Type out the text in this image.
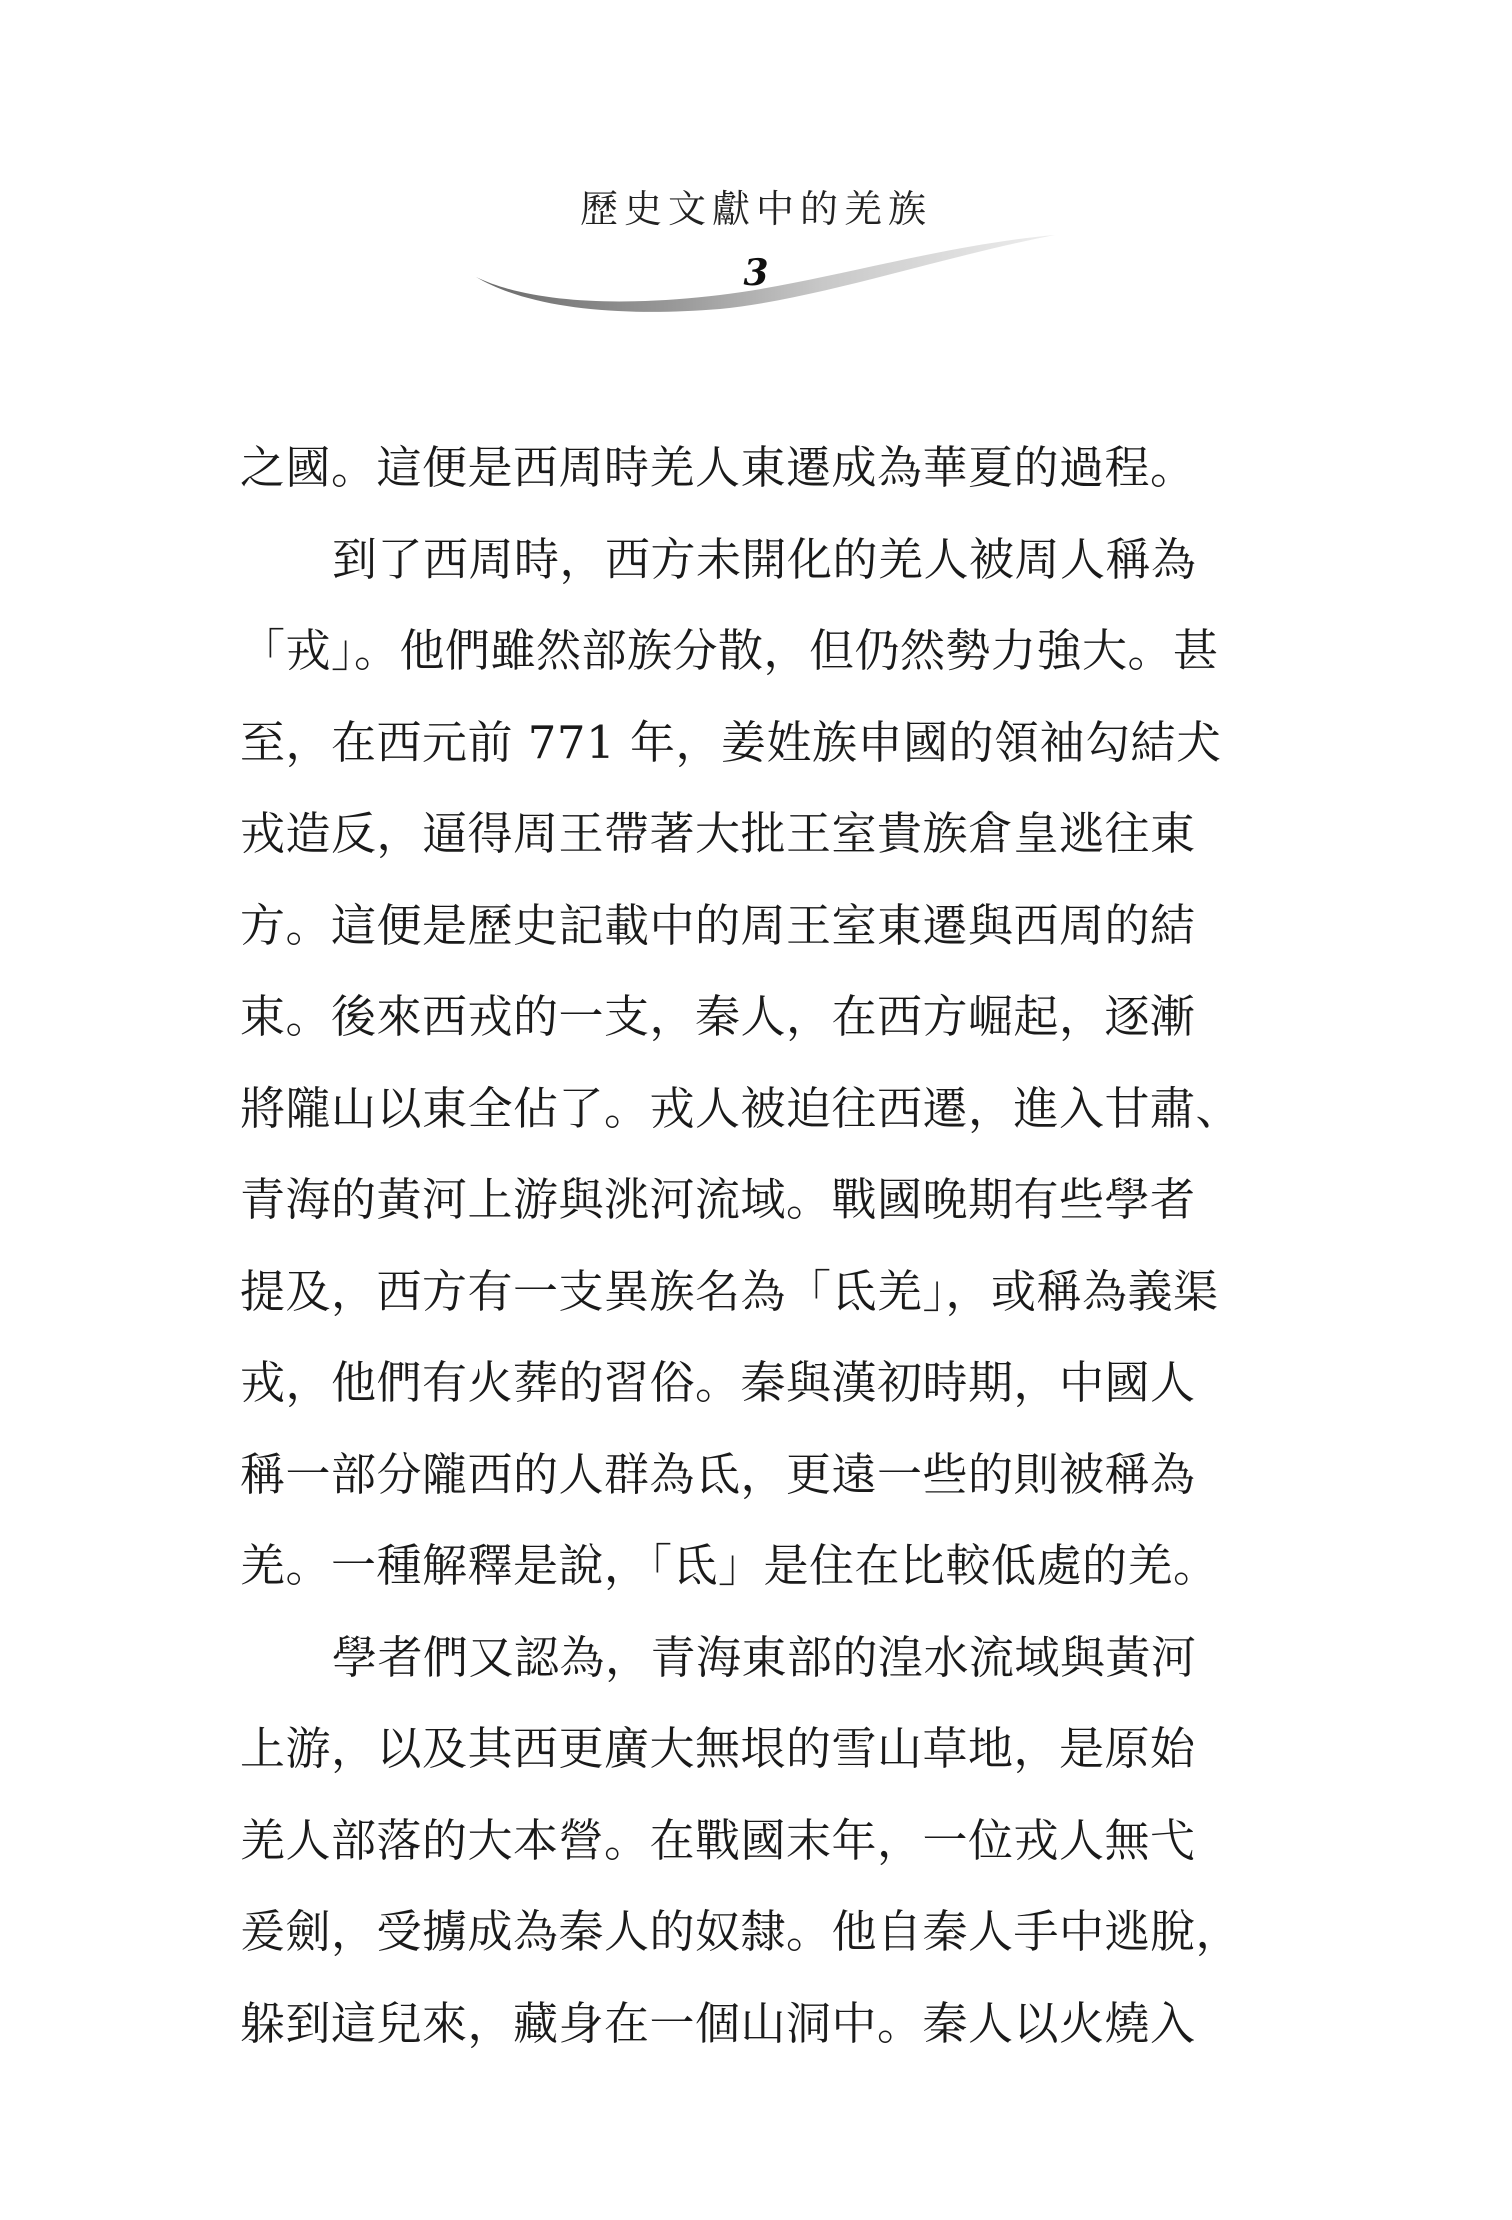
歷史文獻中的羌族
3
之國。這便是西周時羌人東遷成為華夏的過程。
到了西周時，西方未開化的羌人被周人稱為
「戎」。他們雖然部族分散，但仍然勢力強大。甚
至，在西元前 771 年，姜姓族申國的領袖勾結犬
戎造反，逼得周王帶著大批王室貴族倉皇逃往東
方。這便是歷史記載中的周王室東遷與西周的結
束。後來西戎的一支，秦人，在西方崛起，逐漸
將隴山以東全佔了。戎人被迫往西遷，進入甘肅、
青海的黃河上游與洮河流域。戰國晚期有些學者
提及，西方有一支異族名為「氐羌」，或稱為義渠
戎，他們有火葬的習俗。秦與漢初時期，中國人
稱一部分隴西的人群為氐，更遠一些的則被稱為
羌。一種解釋是說，「氐」是住在比較低處的羌。
學者們又認為，青海東部的湟水流域與黃河
上游，以及其西更廣大無垠的雪山草地，是原始
羌人部落的大本營。在戰國末年，一位戎人無弋
爰劍，受擄成為秦人的奴隸。他自秦人手中逃脫，
躲到這兒來，藏身在一個山洞中。秦人以火燒入
